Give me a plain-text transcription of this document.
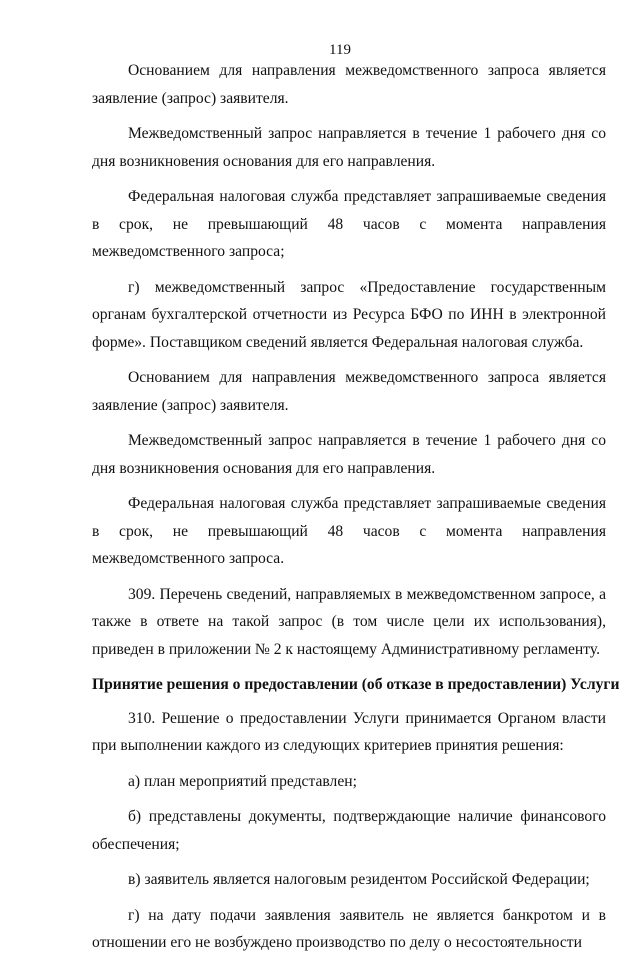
119

Основанием для направления межведомственного запроса является заявление (запрос) заявителя.

Межведомственный запрос направляется в течение 1 рабочего дня со дня возникновения основания для его направления.

Федеральная налоговая служба представляет запрашиваемые сведения в срок, не превышающий 48 часов с момента направления межведомственного запроса;

г) межведомственный запрос «Предоставление государственным органам бухгалтерской отчетности из Ресурса БФО по ИНН в электронной форме». Поставщиком сведений является Федеральная налоговая служба.

Основанием для направления межведомственного запроса является заявление (запрос) заявителя.

Межведомственный запрос направляется в течение 1 рабочего дня со дня возникновения основания для его направления.

Федеральная налоговая служба представляет запрашиваемые сведения в срок, не превышающий 48 часов с момента направления межведомственного запроса.

309. Перечень сведений, направляемых в межведомственном запросе, а также в ответе на такой запрос (в том числе цели их использования), приведен в приложении № 2 к настоящему Административному регламенту.

Принятие решения о предоставлении (об отказе в предоставлении) Услуги

310. Решение о предоставлении Услуги принимается Органом власти при выполнении каждого из следующих критериев принятия решения:

а) план мероприятий представлен;

б) представлены документы, подтверждающие наличие финансового обеспечения;

в) заявитель является налоговым резидентом Российской Федерации;

г) на дату подачи заявления заявитель не является банкротом и в отношении его не возбуждено производство по делу о несостоятельности
